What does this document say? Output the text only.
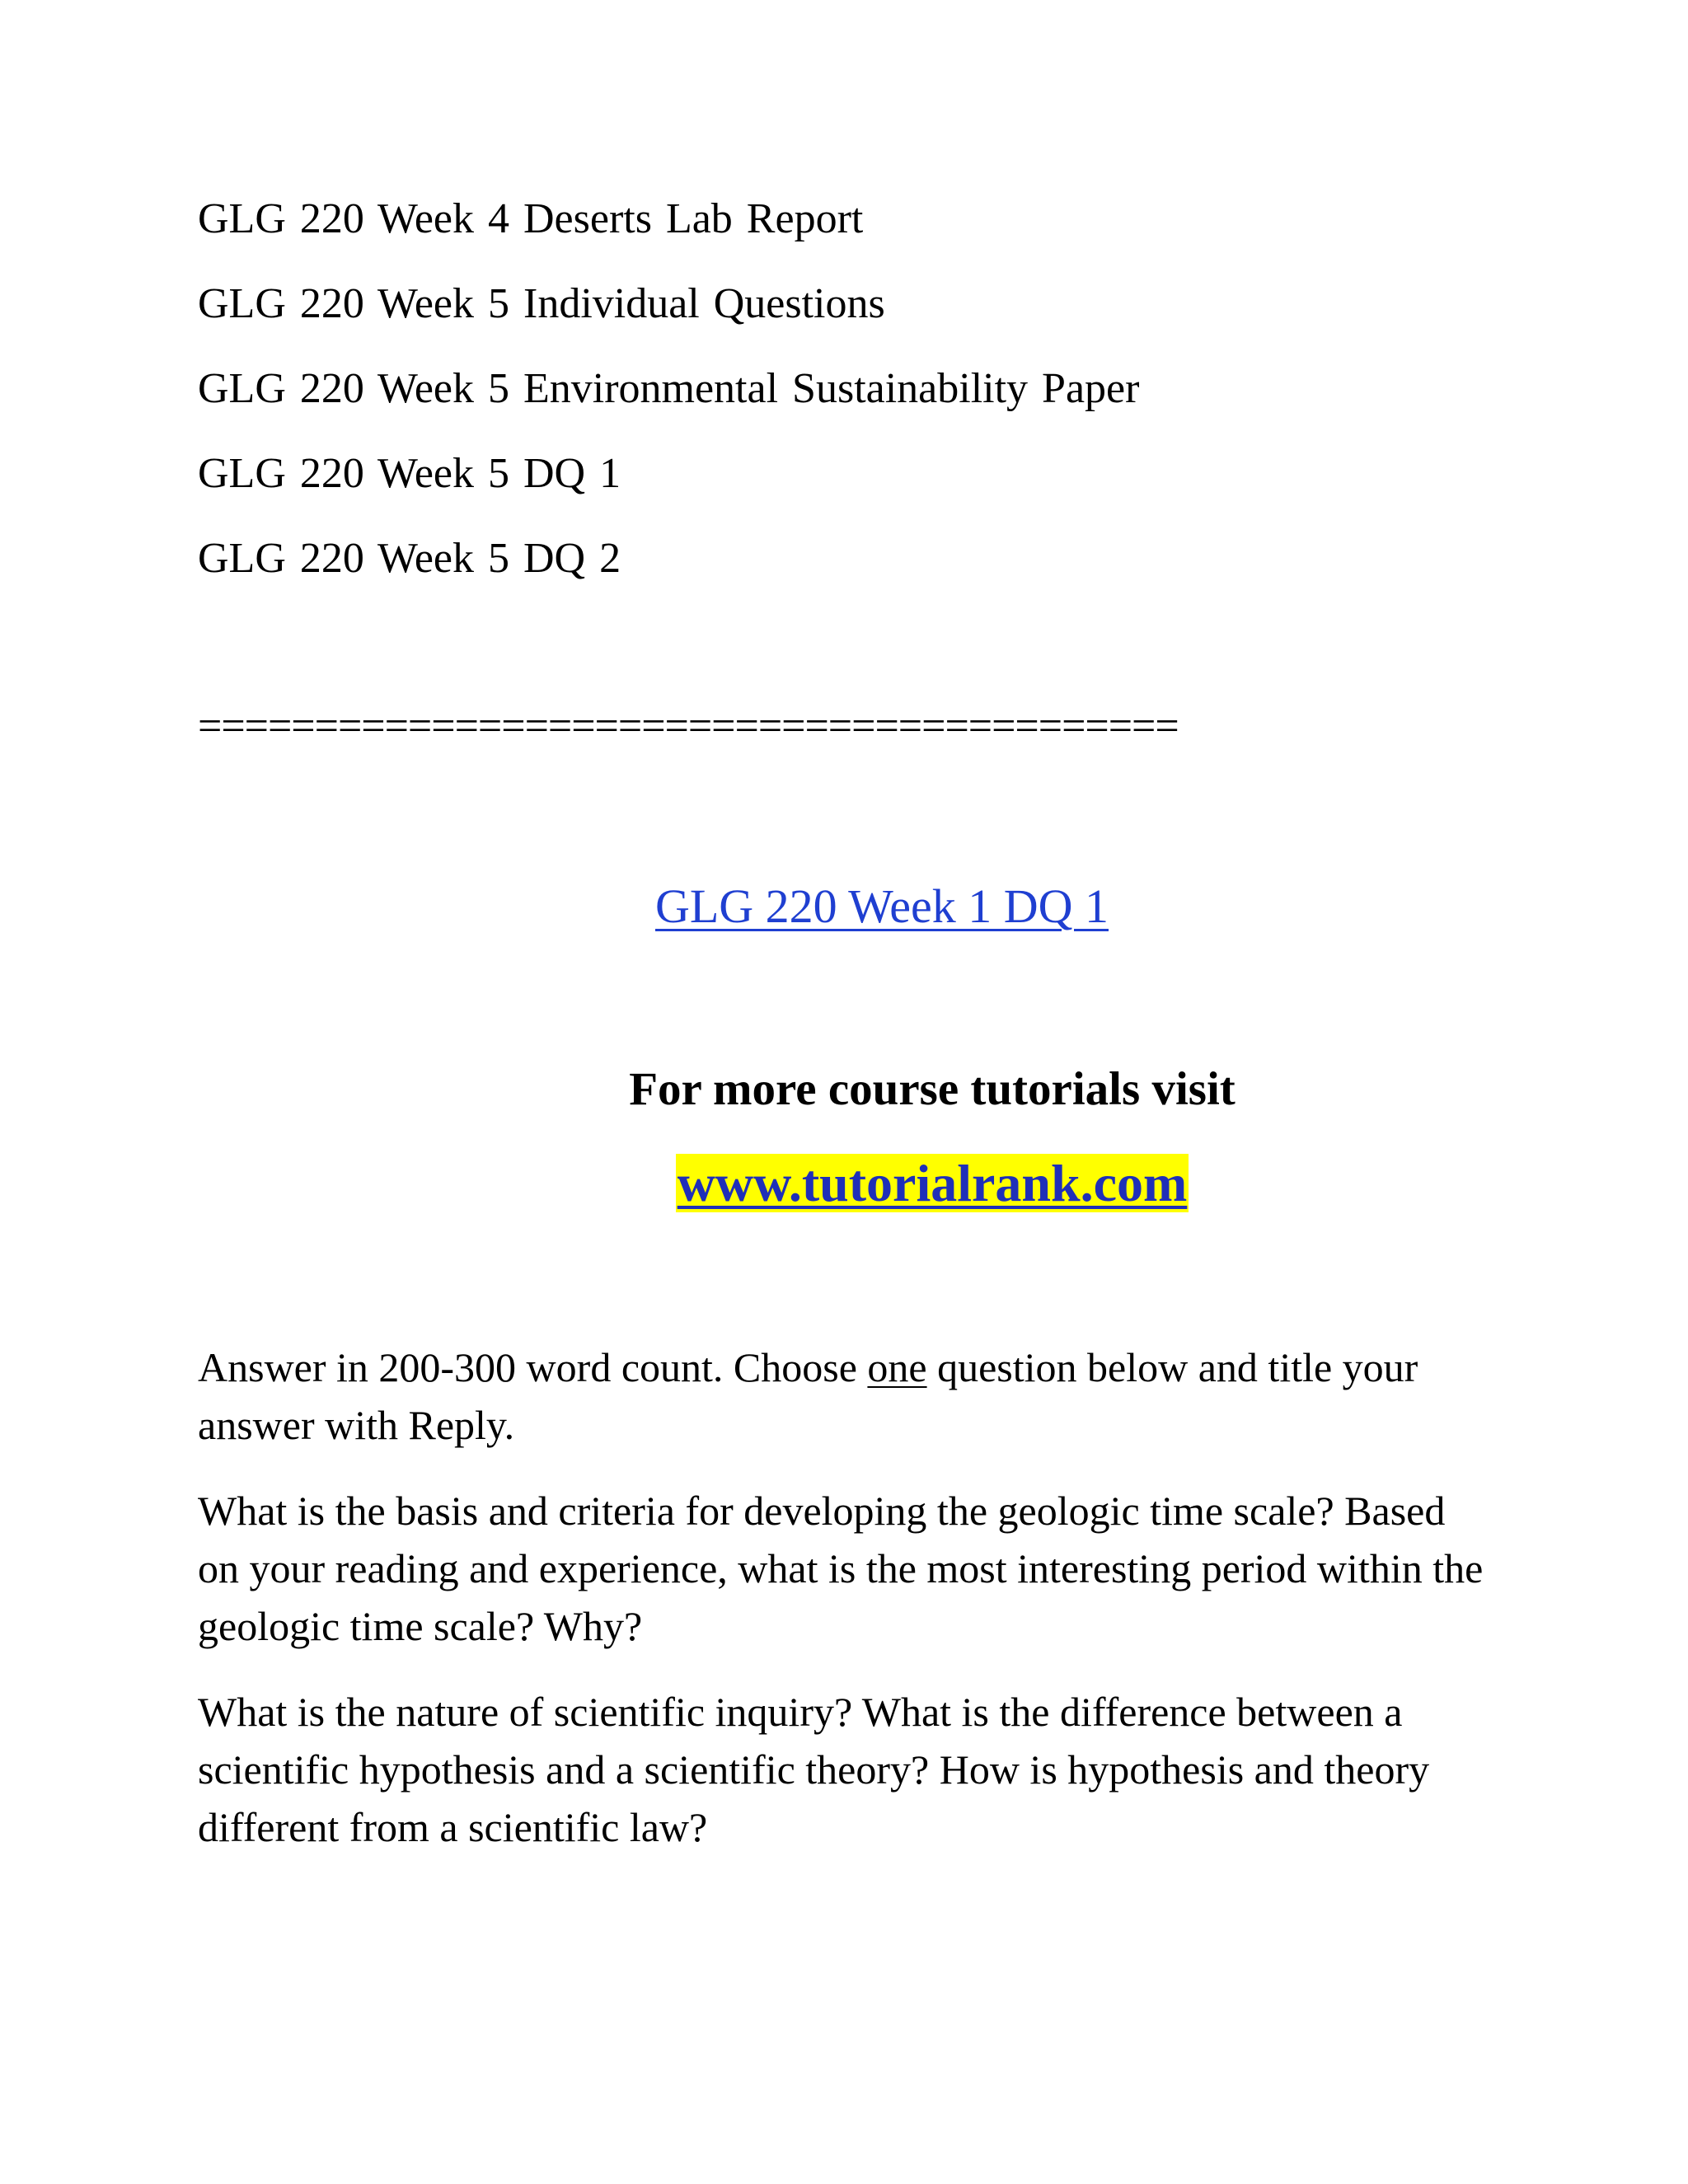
GLG 220 Week 4 Deserts Lab Report
GLG 220 Week 5 Individual Questions
GLG 220 Week 5 Environmental Sustainability Paper
GLG 220 Week 5 DQ 1
GLG 220 Week 5 DQ 2
==========================================
GLG 220 Week 1 DQ 1
For more course tutorials visit
www.tutorialrank.com

Answer in 200-300 word count. Choose one question below and title your answer with Reply.

What is the basis and criteria for developing the geologic time scale? Based on your reading and experience, what is the most interesting period within the geologic time scale? Why?

What is the nature of scientific inquiry? What is the difference between a scientific hypothesis and a scientific theory? How is hypothesis and theory different from a scientific law?
